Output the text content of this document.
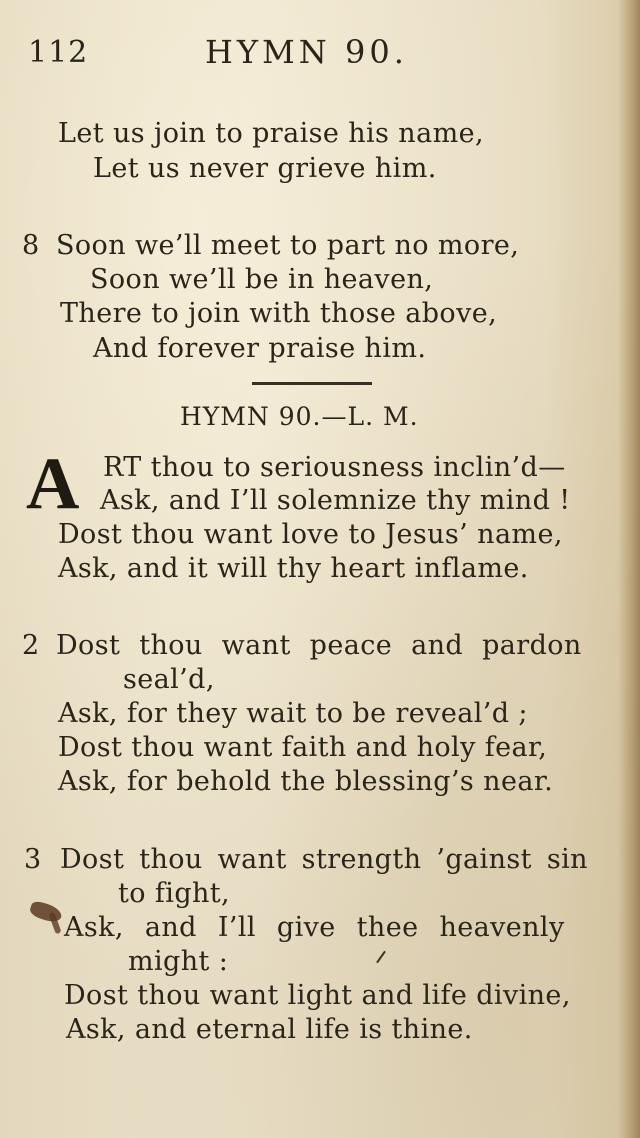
112	HYMN 90.
Let us join to praise his name,
Let us never grieve him.
8 Soon we’ll meet to part no more,
Soon we’ll be in heaven,
There to join with those above,
And forever praise him.
HYMN 90.—L. M.
A RT thou to seriousness inclin’d—
Ask, and I’ll solemnize thy mind !
Dost thou want love to Jesus’ name,
Ask, and it will thy heart inflame.
2 Dost thou want peace and pardon
seal’d,
Ask, for they wait to be reveal’d ;
Dost thou want faith and holy fear,
Ask, for behold the blessing’s near.
3 Dost thou want strength ’gainst sin
to fight,
Ask, and I’ll give thee heavenly
might :
Dost thou want light and life divine,
Ask, and eternal life is thine.
